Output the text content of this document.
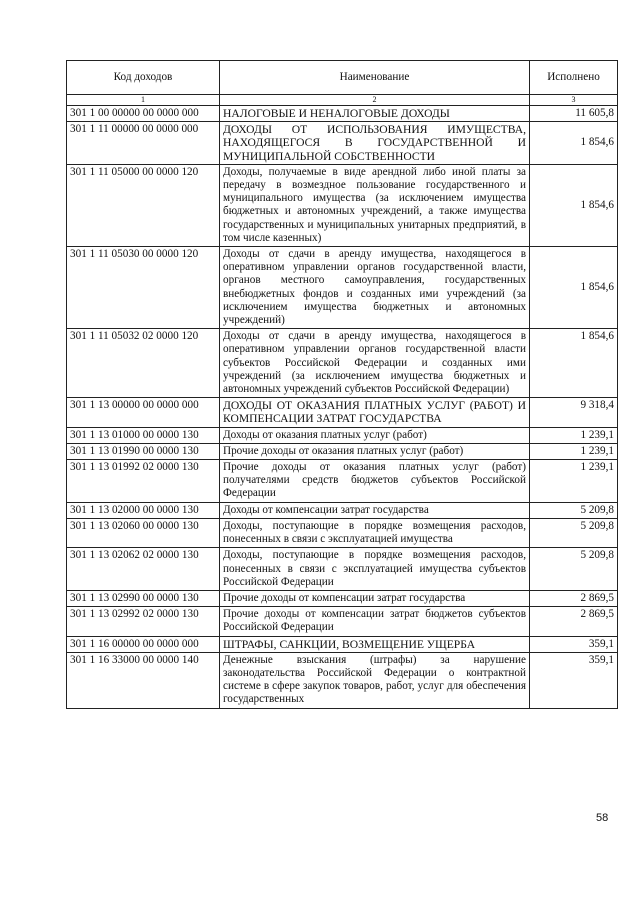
Код доходов	Наименование	Исполнено
1	2	3
301 1 00 00000 00 0000 000	НАЛОГОВЫЕ И НЕНАЛОГОВЫЕ ДОХОДЫ	11 605,8
301 1 11 00000 00 0000 000	ДОХОДЫ ОТ ИСПОЛЬЗОВАНИЯ ИМУЩЕСТВА, НАХОДЯЩЕГОСЯ В ГОСУДАРСТВЕННОЙ И МУНИЦИПАЛЬНОЙ СОБСТВЕННОСТИ	1 854,6
301 1 11 05000 00 0000 120	Доходы, получаемые в виде арендной либо иной платы за передачу в возмездное пользование государственного и муниципального имущества (за исключением имущества бюджетных и автономных учреждений, а также имущества государственных и муниципальных унитарных предприятий, в том числе казенных)	1 854,6
301 1 11 05030 00 0000 120	Доходы от сдачи в аренду имущества, находящегося в оперативном управлении органов государственной власти, органов местного самоуправления, государственных внебюджетных фондов и созданных ими учреждений (за исключением имущества бюджетных и автономных учреждений)	1 854,6
301 1 11 05032 02 0000 120	Доходы от сдачи в аренду имущества, находящегося в оперативном управлении органов государственной власти субъектов Российской Федерации и созданных ими учреждений (за исключением имущества бюджетных и автономных учреждений субъектов Российской Федерации)	1 854,6
301 1 13 00000 00 0000 000	ДОХОДЫ ОТ ОКАЗАНИЯ ПЛАТНЫХ УСЛУГ (РАБОТ) И КОМПЕНСАЦИИ ЗАТРАТ ГОСУДАРСТВА	9 318,4
301 1 13 01000 00 0000 130	Доходы от оказания платных услуг (работ)	1 239,1
301 1 13 01990 00 0000 130	Прочие доходы от оказания платных услуг (работ)	1 239,1
301 1 13 01992 02 0000 130	Прочие доходы от оказания платных услуг (работ) получателями средств бюджетов субъектов Российской Федерации	1 239,1
301 1 13 02000 00 0000 130	Доходы от компенсации затрат государства	5 209,8
301 1 13 02060 00 0000 130	Доходы, поступающие в порядке возмещения расходов, понесенных в связи с эксплуатацией имущества	5 209,8
301 1 13 02062 02 0000 130	Доходы, поступающие в порядке возмещения расходов, понесенных в связи с эксплуатацией имущества субъектов Российской Федерации	5 209,8
301 1 13 02990 00 0000 130	Прочие доходы от компенсации затрат государства	2 869,5
301 1 13 02992 02 0000 130	Прочие доходы от компенсации затрат бюджетов субъектов Российской Федерации	2 869,5
301 1 16 00000 00 0000 000	ШТРАФЫ, САНКЦИИ, ВОЗМЕЩЕНИЕ УЩЕРБА	359,1
301 1 16 33000 00 0000 140	Денежные взыскания (штрафы) за нарушение законодательства Российской Федерации о контрактной системе в сфере закупок товаров, работ, услуг для обеспечения государственных	359,1
58
